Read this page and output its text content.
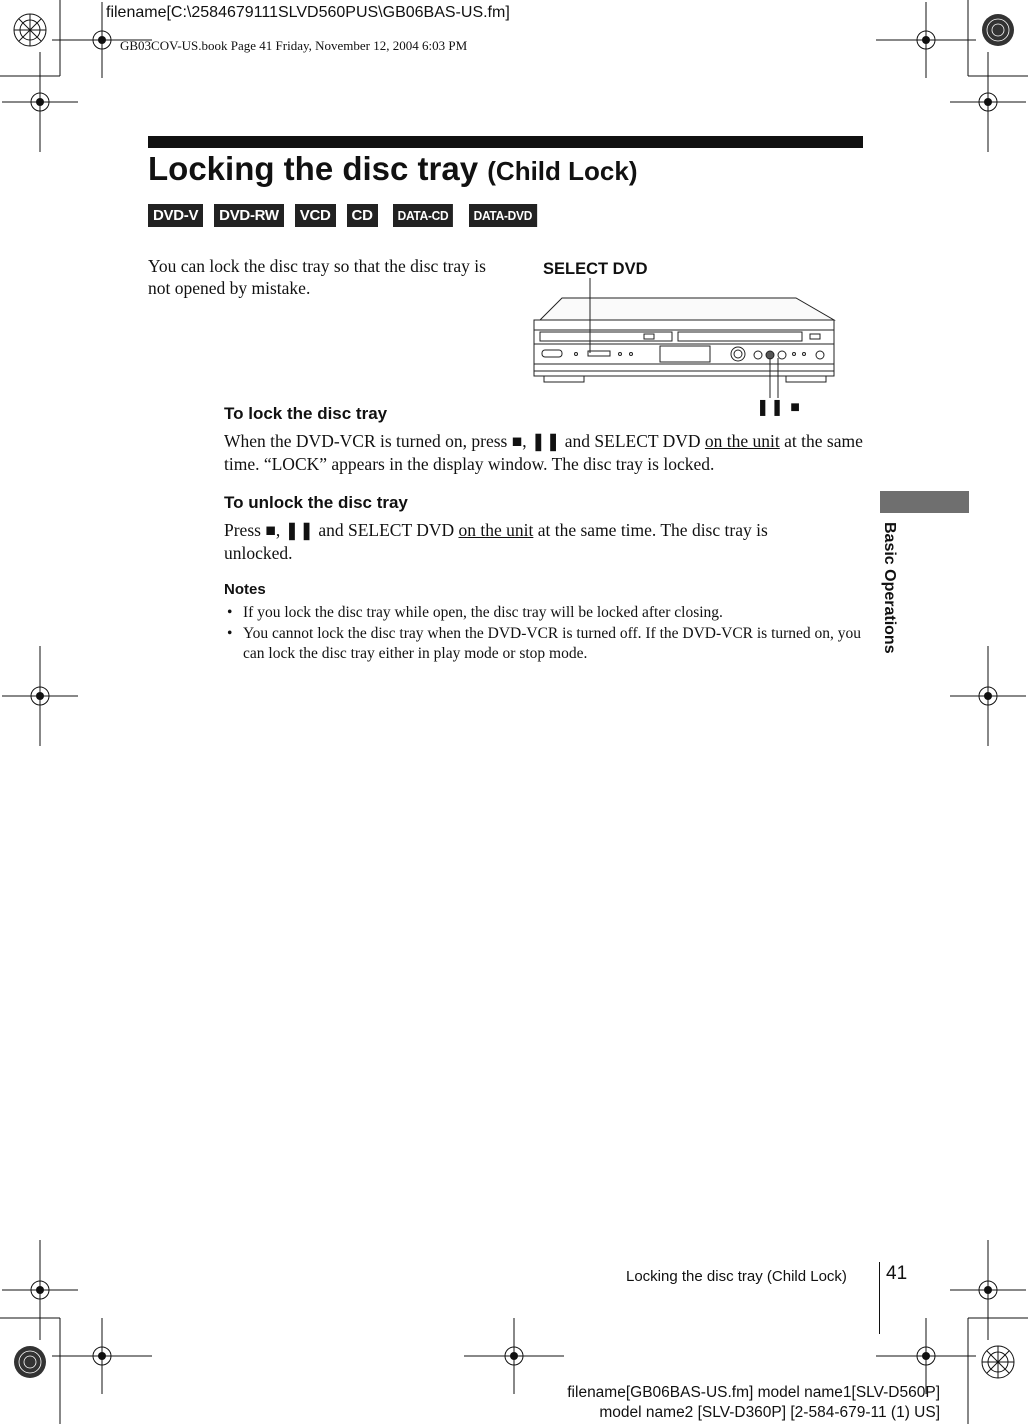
filename[C:\2584679111SLVD560PUS\GB06BAS-US.fm]
GB03COV-US.book Page 41 Friday, November 12, 2004 6:03 PM
Locking the disc tray (Child Lock)
DVD-V	DVD-RW	VCD	CD	DATA-CD	DATA-DVD
You can lock the disc tray so that the disc tray is not opened by mistake.
SELECT DVD
❚❚ ■
To lock the disc tray

When the DVD-VCR is turned on, press ■, ❚❚ and SELECT DVD on the unit at the same time. “LOCK” appears in the display window. The disc tray is locked.

To unlock the disc tray

Press ■, ❚❚ and SELECT DVD on the unit at the same time. The disc tray is unlocked.

Notes
• If you lock the disc tray while open, the disc tray will be locked after closing.
• You cannot lock the disc tray when the DVD-VCR is turned off. If the DVD-VCR is turned on, you can lock the disc tray either in play mode or stop mode.	Basic Operations
Locking the disc tray (Child Lock) 41
filename[GB06BAS-US.fm] model name1[SLV-D560P]
model name2 [SLV-D360P] [2-584-679-11 (1) US]
